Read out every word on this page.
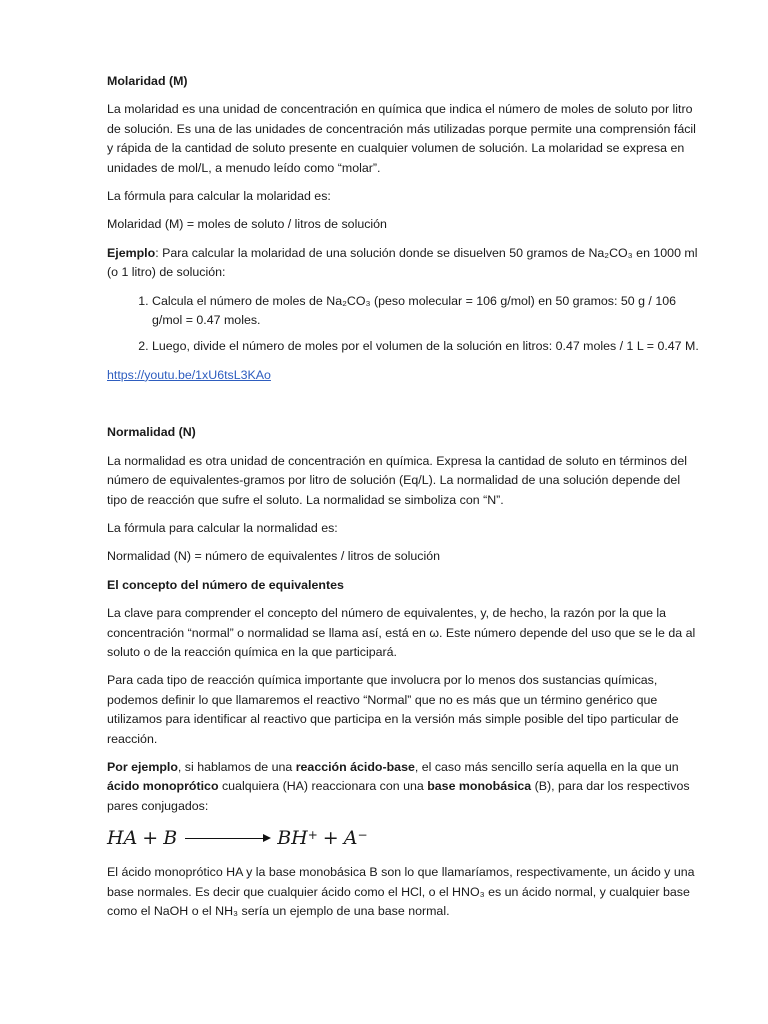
Molaridad (M)

La molaridad es una unidad de concentración en química que indica el número de moles de soluto por litro de solución. Es una de las unidades de concentración más utilizadas porque permite una comprensión fácil y rápida de la cantidad de soluto presente en cualquier volumen de solución. La molaridad se expresa en unidades de mol/L, a menudo leído como “molar”.

La fórmula para calcular la molaridad es:

Molaridad (M) = moles de soluto / litros de solución

Ejemplo: Para calcular la molaridad de una solución donde se disuelven 50 gramos de Na₂CO₃ en 1000 ml (o 1 litro) de solución:

1. Calcula el número de moles de Na₂CO₃ (peso molecular = 106 g/mol) en 50 gramos: 50 g / 106 g/mol = 0.47 moles.
2. Luego, divide el número de moles por el volumen de la solución en litros: 0.47 moles / 1 L = 0.47 M.

https://youtu.be/1xU6tsL3KAo

Normalidad (N)

La normalidad es otra unidad de concentración en química. Expresa la cantidad de soluto en términos del número de equivalentes-gramos por litro de solución (Eq/L). La normalidad de una solución depende del tipo de reacción que sufre el soluto. La normalidad se simboliza con “N”.

La fórmula para calcular la normalidad es:

Normalidad (N) = número de equivalentes / litros de solución

El concepto del número de equivalentes

La clave para comprender el concepto del número de equivalentes, y, de hecho, la razón por la que la concentración “normal” o normalidad se llama así, está en ω. Este número depende del uso que se le da al soluto o de la reacción química en la que participará.

Para cada tipo de reacción química importante que involucra por lo menos dos sustancias químicas, podemos definir lo que llamaremos el reactivo “Normal” que no es más que un término genérico que utilizamos para identificar al reactivo que participa en la versión más simple posible del tipo particular de reacción.

Por ejemplo, si hablamos de una reacción ácido-base, el caso más sencillo sería aquella en la que un ácido monoprótico cualquiera (HA) reaccionara con una base monobásica (B), para dar los respectivos pares conjugados:

HA + B	BH+ + A−

El ácido monoprótico HA y la base monobásica B son lo que llamaríamos, respectivamente, un ácido y una base normales. Es decir que cualquier ácido como el HCl, o el HNO₃ es un ácido normal, y cualquier base como el NaOH o el NH₃ sería un ejemplo de una base normal.
